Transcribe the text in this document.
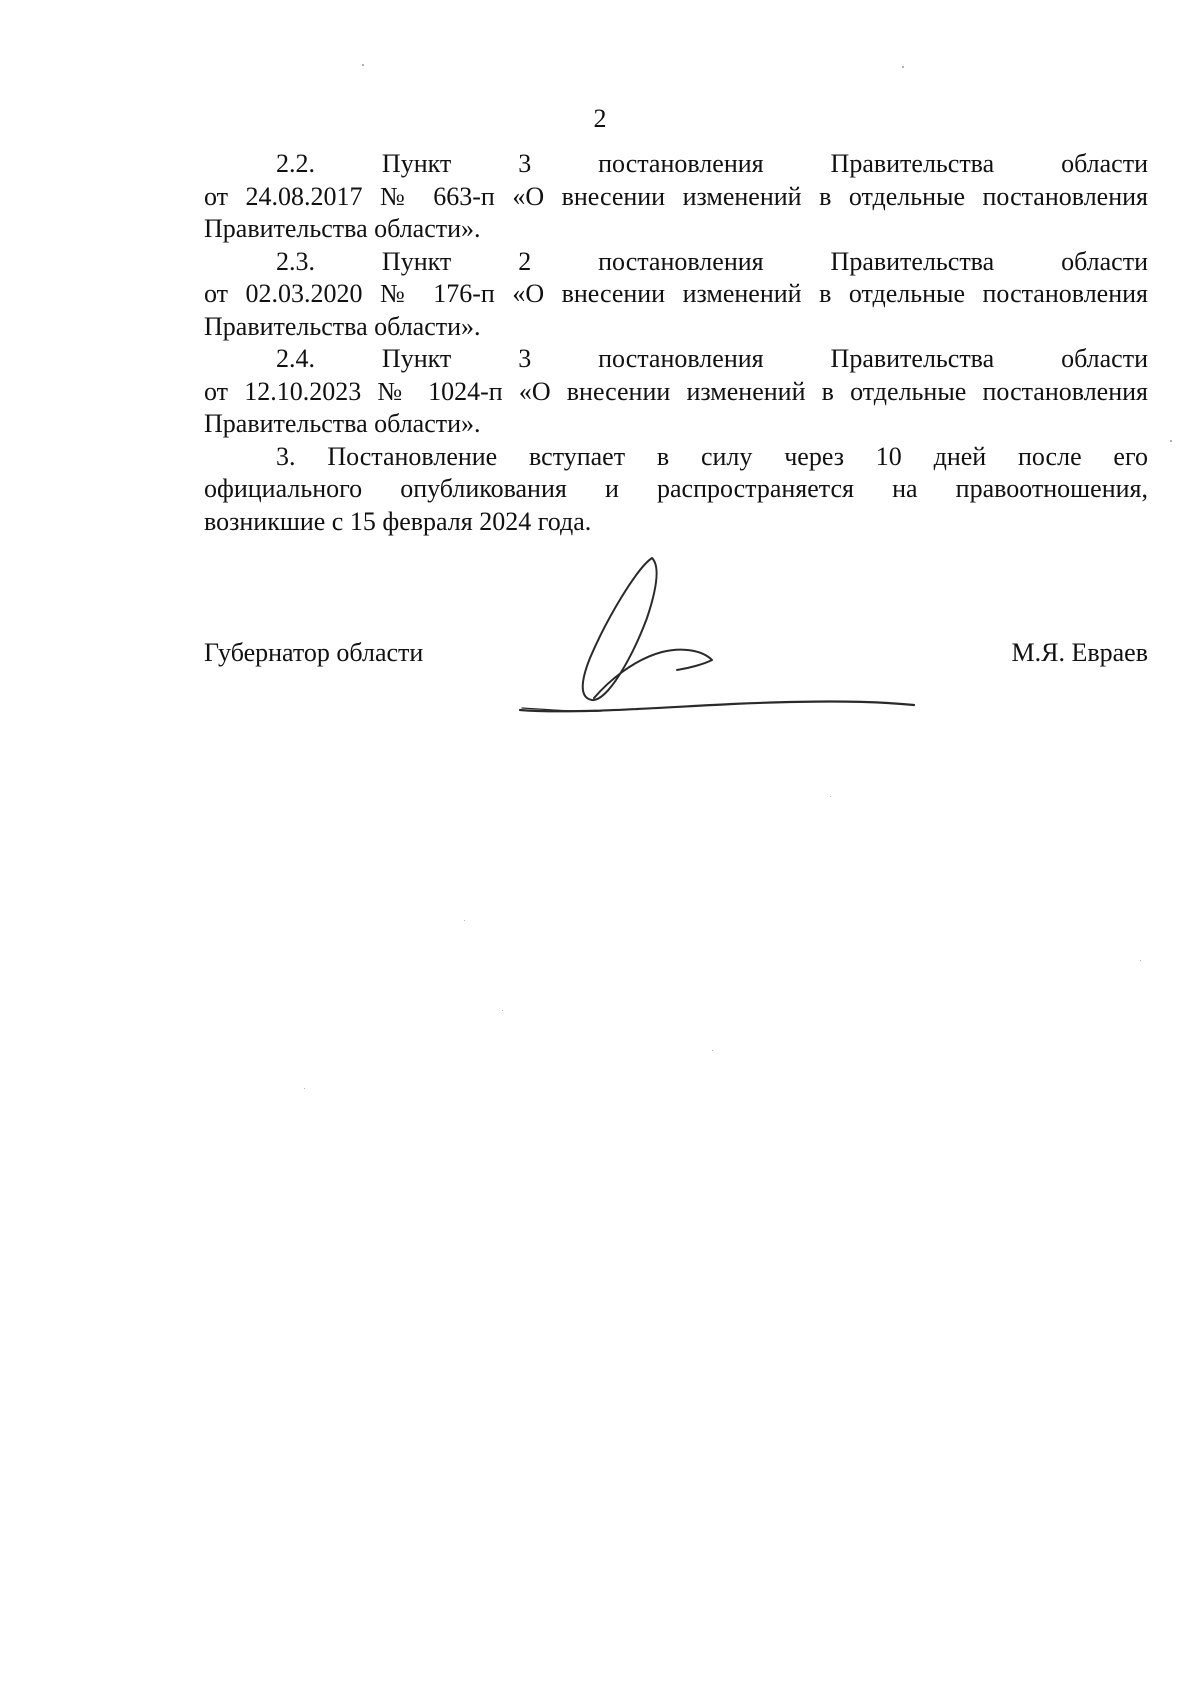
2

2.2. Пункт 3 постановления Правительства области
от 24.08.2017 № 663-п «О внесении изменений в отдельные постановления
Правительства области».

2.3. Пункт 2 постановления Правительства области
от 02.03.2020 № 176-п «О внесении изменений в отдельные постановления
Правительства области».

2.4. Пункт 3 постановления Правительства области
от 12.10.2023 № 1024-п «О внесении изменений в отдельные постановления
Правительства области».

3. Постановление вступает в силу через 10 дней после его
официального опубликования и распространяется на правоотношения,
возникшие с 15 февраля 2024 года.

Губернатор области	М.Я. Евраев
